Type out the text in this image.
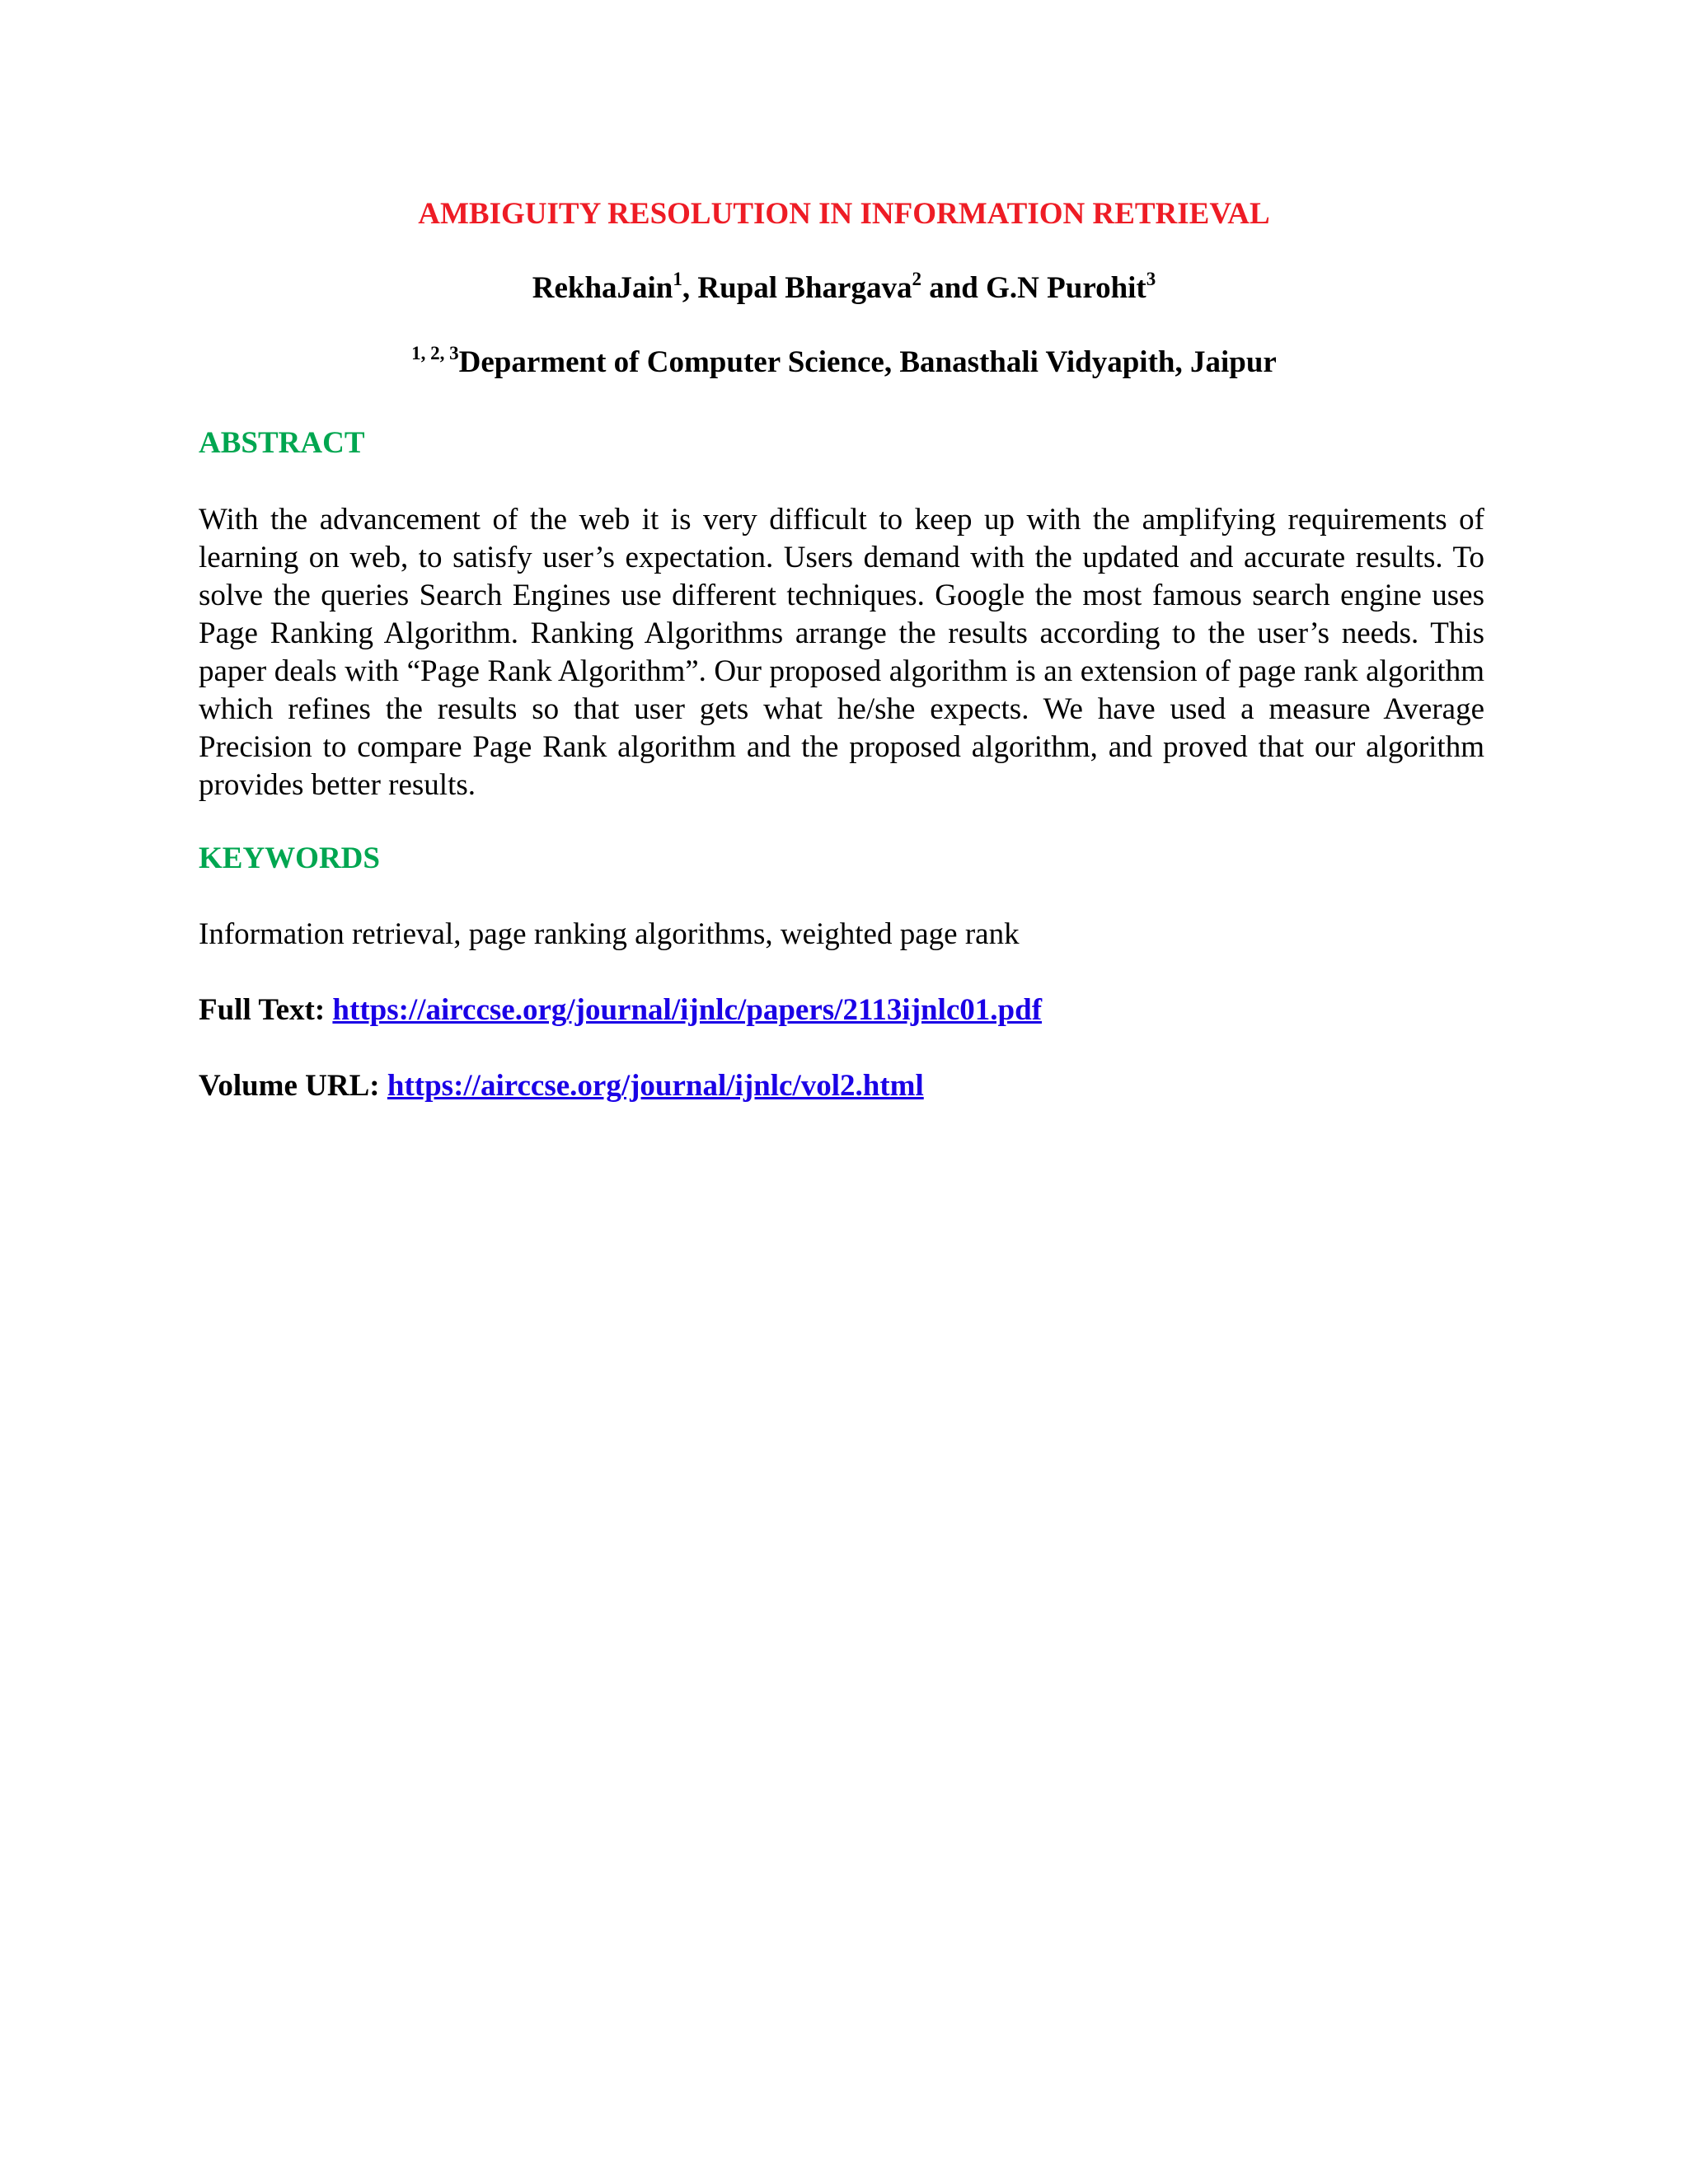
AMBIGUITY RESOLUTION IN INFORMATION RETRIEVAL
RekhaJain$^1$, Rupal Bhargava$^2$ and G.N Purohit$^3$
$^{1, 2, 3}$Deparment of Computer Science, Banasthali Vidyapith, Jaipur
ABSTRACT
With the advancement of the web it is very difficult to keep up with the amplifying requirements of learning on web, to satisfy user’s expectation. Users demand with the updated and accurate results. To solve the queries Search Engines use different techniques. Google the most famous search engine uses Page Ranking Algorithm. Ranking Algorithms arrange the results according to the user’s needs. This paper deals with “Page Rank Algorithm”. Our proposed algorithm is an extension of page rank algorithm which refines the results so that user gets what he/she expects. We have used a measure Average Precision to compare Page Rank algorithm and the proposed algorithm, and proved that our algorithm provides better results.
KEYWORDS
Information retrieval, page ranking algorithms, weighted page rank
Full Text: https://airccse.org/journal/ijnlc/papers/2113ijnlc01.pdf
Volume URL: https://airccse.org/journal/ijnlc/vol2.html
